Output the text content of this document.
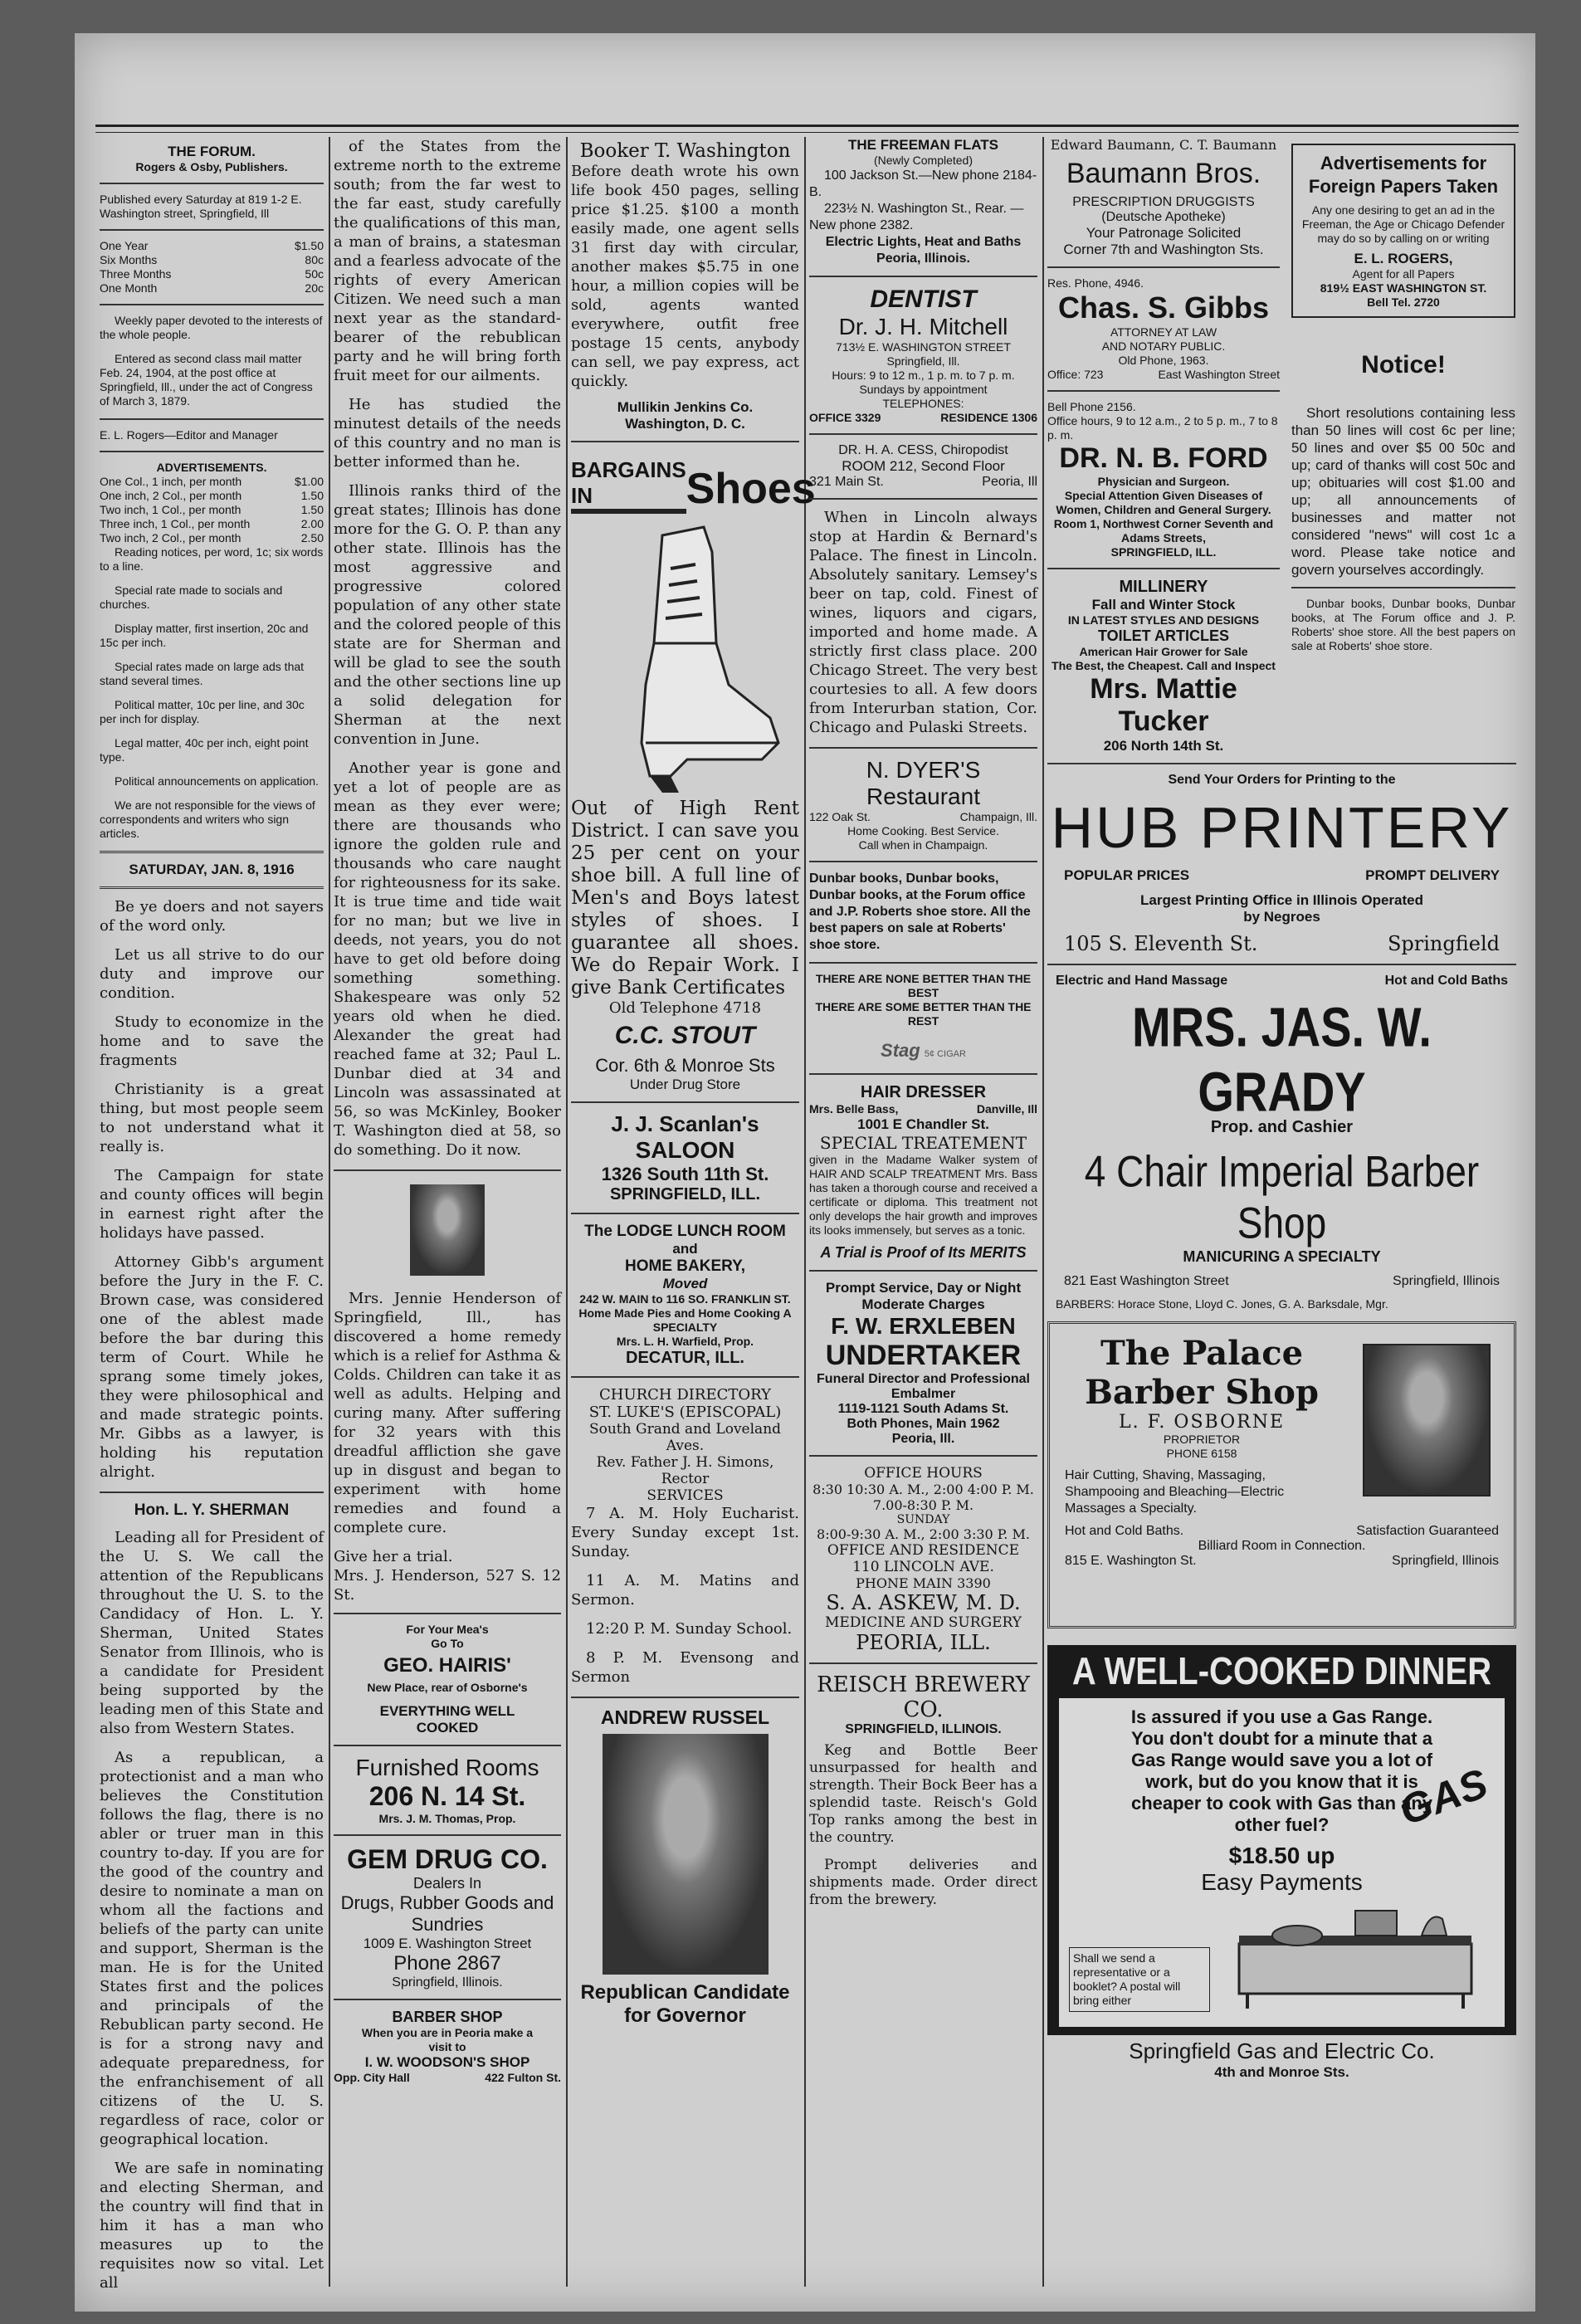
THE FORUM.
Rogers & Osby, Publishers.
Published every Saturday at 819 1-2 E. Washington street, Springfield, Ill
One Year	$1.50
Six Months	80c
Three Months	50c
One Month	20c
Weekly paper devoted to the interests of the whole people.
Entered as second class mail matter Feb. 24, 1904, at the post office at Springfield, Ill., under the act of Congress of March 3, 1879.
E. L. Rogers—Editor and Manager
ADVERTISEMENTS.
One Col., 1 inch, per month	$1.00
One inch, 2 Col., per month	1.50
Two inch, 1 Col., per month	1.50
Three inch, 1 Col., per month	2.00
Two inch, 2 Col., per month	2.50

Reading notices, per word, 1c; six words to a line.

Special rate made to socials and churches.

Display matter, first insertion, 20c and 15c per inch.

Special rates made on large ads that stand several times.

Political matter, 10c per line, and 30c per inch for display.

Legal matter, 40c per inch, eight point type.

Political announcements on application.

We are not responsible for the views of correspondents and writers who sign articles.

SATURDAY, JAN. 8, 1916

Be ye doers and not sayers of the word only.

Let us all strive to do our duty and improve our condition.

Study to economize in the home and to save the fragments

Christianity is a great thing, but most people seem to not understand what it really is.

The Campaign for state and county offices will begin in earnest right after the holidays have passed.

Attorney Gibb's argument before the Jury in the F. C. Brown case, was considered one of the ablest made before the bar during this term of Court. While he sprang some timely jokes, they were philosophical and and made strategic points. Mr. Gibbs as a lawyer, is holding his reputation alright.

Hon. L. Y. SHERMAN

Leading all for President of the U. S. We call the attention of the Republicans throughout the U. S. to the Candidacy of Hon. L. Y. Sherman, United States Senator from Illinois, who is a candidate for President being supported by the leading men of this State and also from Western States.

As a republican, a protectionist and a man who believes the Constitution follows the flag, there is no abler or truer man in this country to-day. If you are for the good of the country and desire to nominate a man on whom all the factions and beliefs of the party can unite and support, Sherman is the man. He is for the United States first and the polices and principals of the Rebublican party second. He is for a strong navy and adequate preparedness, for the enfranchisement of all citizens of the U. S. regardless of race, color or geographical location.

We are safe in nominating and electing Sherman, and the country will find that in him it has a man who measures up to the requisites now so vital. Let all

of the States from the extreme north to the extreme south; from the far west to the far east, study carefully the qualifications of this man, a man of brains, a statesman and a fearless advocate of the rights of every American Citizen. We need such a man next year as the standard-bearer of the rebublican party and he will bring forth fruit meet for our ailments.

He has studied the minutest details of the needs of this country and no man is better informed than he.

Illinois ranks third of the great states; Illinois has done more for the G. O. P. than any other state. Illinois has the most aggressive and progressive colored population of any other state and the colored people of this state are for Sherman and will be glad to see the south and the other sections line up a solid delegation for Sherman at the next convention in June.

Another year is gone and yet a lot of people are as mean as they ever were; there are thousands who ignore the golden rule and thousands who care naught for righteousness for its sake. It is true time and tide wait for no man; but we live in deeds, not years, you do not have to get old before doing something something. Shakespeare was only 52 years old when he died. Alexander the great had reached fame at 32; Paul L. Dunbar died at 34 and Lincoln was assassinated at 56, so was McKinley, Booker T. Washington died at 58, so do something. Do it now.

Mrs. Jennie Henderson of Springfield, Ill., has discovered a home remedy which is a relief for Asthma & Colds. Children can take it as well as adults. Helping and curing many. After suffering for 32 years with this dreadful affliction she gave up in disgust and began to experiment with home remedies and found a complete cure.
Give her a trial.
Mrs. J. Henderson, 527 S. 12 St.
For Your Mea's
Go To
GEO. HAIRIS'
New Place, rear of Osborne's
EVERYTHING WELL COOKED
Furnished Rooms
206 N. 14 St.
Mrs. J. M. Thomas, Prop.
GEM DRUG CO.
Dealers In
Drugs, Rubber Goods and Sundries
1009 E. Washington Street
Phone 2867
Springfield, Illinois.
BARBER SHOP
When you are in Peoria make a visit to
I. W. WOODSON'S SHOP
Opp. City Hall	422 Fulton St.
Booker T. Washington
Before death wrote his own life book 450 pages, selling price $1.25. $100 a month easily made, one agent sells 31 first day with circular, another makes $5.75 in one hour, a million copies will be sold, agents wanted everywhere, outfit free postage 15 cents, anybody can sell, we pay express, act quickly.
Mullikin Jenkins Co.
Washington, D. C.
BARGAINS IN	Shoes
Out of High Rent District. I can save you 25 per cent on your shoe bill. A full line of Men's and Boys latest styles of shoes. I guarantee all shoes. We do Repair Work. I give Bank Certificates
Old Telephone 4718
C.C. STOUT
Cor. 6th & Monroe Sts
Under Drug Store
J. J. Scanlan's
SALOON
1326 South 11th St.
SPRINGFIELD, ILL.
The LODGE LUNCH ROOM
and
HOME BAKERY,
Moved
242 W. MAIN to 116 SO. FRANKLIN ST.
Home Made Pies and Home Cooking A SPECIALTY
Mrs. L. H. Warfield, Prop.
DECATUR, ILL.
CHURCH DIRECTORY
ST. LUKE'S (EPISCOPAL)
South Grand and Loveland Aves.
Rev. Father J. H. Simons, Rector
SERVICES

7 A. M. Holy Eucharist. Every Sunday except 1st. Sunday.

11 A. M. Matins and Sermon.

12:20 P. M. Sunday School.

8 P. M. Evensong and Sermon

ANDREW RUSSEL
Republican Candidate
for Governor
THE FREEMAN FLATS
(Newly Completed)
100 Jackson St.—New phone 2184-B.
223½ N. Washington St., Rear. —New phone 2382.
Electric Lights, Heat and Baths Peoria, Illinois.
DENTIST
Dr. J. H. Mitchell
713½ E. WASHINGTON STREET
Springfield, Ill.
Hours: 9 to 12 m., 1 p. m. to 7 p. m. Sundays by appointment
TELEPHONES:
OFFICE 3329	RESIDENCE 1306
DR. H. A. CESS, Chiropodist
ROOM 212, Second Floor
321 Main St.	Peoria, Ill
When in Lincoln always stop at Hardin & Bernard's Palace. The finest in Lincoln. Absolutely sanitary. Lemsey's beer on tap, cold. Finest of wines, liquors and cigars, imported and home made. A strictly first class place. 200 Chicago Street. The very best courtesies to all. A few doors from Interurban station, Cor. Chicago and Pulaski Streets.
N. DYER'S
Restaurant
122 Oak St.	Champaign, Ill.
Home Cooking. Best Service.
Call when in Champaign.
Dunbar books, Dunbar books, Dunbar books, at the Forum office and J.P. Roberts shoe store. All the best papers on sale at Roberts' shoe store.
THERE ARE NONE BETTER THAN THE BEST
THERE ARE SOME BETTER THAN THE REST
Stag 5¢ CIGAR
HAIR DRESSER
Mrs. Belle Bass,	Danville, Ill
1001 E Chandler St.
SPECIAL TREATEMENT
given in the Madame Walker system of HAIR AND SCALP TREATMENT Mrs. Bass has taken a thorough course and received a certificate or diploma. This treatment not only develops the hair growth and improves its looks immensely, but serves as a tonic.
A Trial is Proof of Its MERITS
Prompt Service, Day or Night
Moderate Charges
F. W. ERXLEBEN
UNDERTAKER
Funeral Director and Professional Embalmer
1119-1121 South Adams St.
Both Phones, Main 1962
Peoria, Ill.
OFFICE HOURS
8:30 10:30 A. M., 2:00 4:00 P. M.
7.00-8:30 P. M.
SUNDAY
8:00-9:30 A. M., 2:00 3:30 P. M.
OFFICE AND RESIDENCE
110 LINCOLN AVE.
PHONE MAIN 3390
S. A. ASKEW, M. D.
MEDICINE AND SURGERY
PEORIA, ILL.
REISCH BREWERY CO.
SPRINGFIELD, ILLINOIS.
Keg and Bottle Beer unsurpassed for health and strength. Their Bock Beer has a splendid taste. Reisch's Gold Top ranks among the best in the country.
Prompt deliveries and shipments made. Order direct from the brewery.
Edward Baumann, C. T. Baumann
Baumann Bros.
PRESCRIPTION DRUGGISTS
(Deutsche Apotheke)
Your Patronage Solicited
Corner 7th and Washington Sts.
Res. Phone, 4946.
Chas. S. Gibbs
ATTORNEY AT LAW
AND NOTARY PUBLIC.
Old Phone, 1963.
Office: 723	East Washington Street
Bell Phone 2156.
Office hours, 9 to 12 a.m., 2 to 5 p. m., 7 to 8 p. m.
DR. N. B. FORD
Physician and Surgeon.
Special Attention Given Diseases of Women, Children and General Surgery.
Room 1, Northwest Corner Seventh and Adams Streets,
SPRINGFIELD, ILL.
MILLINERY
Fall and Winter Stock
IN LATEST STYLES AND DESIGNS
TOILET ARTICLES
American Hair Grower for Sale
The Best, the Cheapest. Call and Inspect
Mrs. Mattie Tucker
206 North 14th St.
Advertisements for Foreign Papers Taken
Any one desiring to get an ad in the Freeman, the Age or Chicago Defender may do so by calling on or writing
E. L. ROGERS,
Agent for all Papers
819½ EAST WASHINGTON ST.
Bell Tel. 2720
Notice!
Short resolutions containing less than 50 lines will cost 6c per line; 50 lines and over $5 00 50c and up; card of thanks will cost 50c and up; obituaries will cost $1.00 and up; all announcements of businesses and matter not considered "news" will cost 1c a word. Please take notice and govern yourselves accordingly.
Dunbar books, Dunbar books, Dunbar books, at The Forum office and J. P. Roberts' shoe store. All the best papers on sale at Roberts' shoe store.
Send Your Orders for Printing to the
HUB PRINTERY
POPULAR PRICES	PROMPT DELIVERY
Largest Printing Office in Illinois Operated
by Negroes
105 S. Eleventh St.	Springfield
Electric and Hand Massage	Hot and Cold Baths
MRS. JAS. W. GRADY
Prop. and Cashier
4 Chair Imperial Barber Shop
MANICURING A SPECIALTY
821 East Washington Street	Springfield, Illinois
BARBERS: Horace Stone, Lloyd C. Jones, G. A. Barksdale, Mgr.
The Palace
Barber Shop
L. F. OSBORNE
PROPRIETOR
PHONE 6158
Hair Cutting, Shaving, Massaging, Shampooing and Bleaching—Electric Massages a Specialty.
Hot and Cold Baths.	Satisfaction Guaranteed
Billiard Room in Connection.
815 E. Washington St.	Springfield, Illinois
A WELL-COOKED DINNER
Is assured if you use a Gas Range. You don't doubt for a minute that a Gas Range would save you a lot of work, but do you know that it is cheaper to cook with Gas than any other fuel?
$18.50 up
Easy Payments
GAS
Shall we send a representative or a booklet? A postal will bring either
Springfield Gas and Electric Co.
4th and Monroe Sts.
